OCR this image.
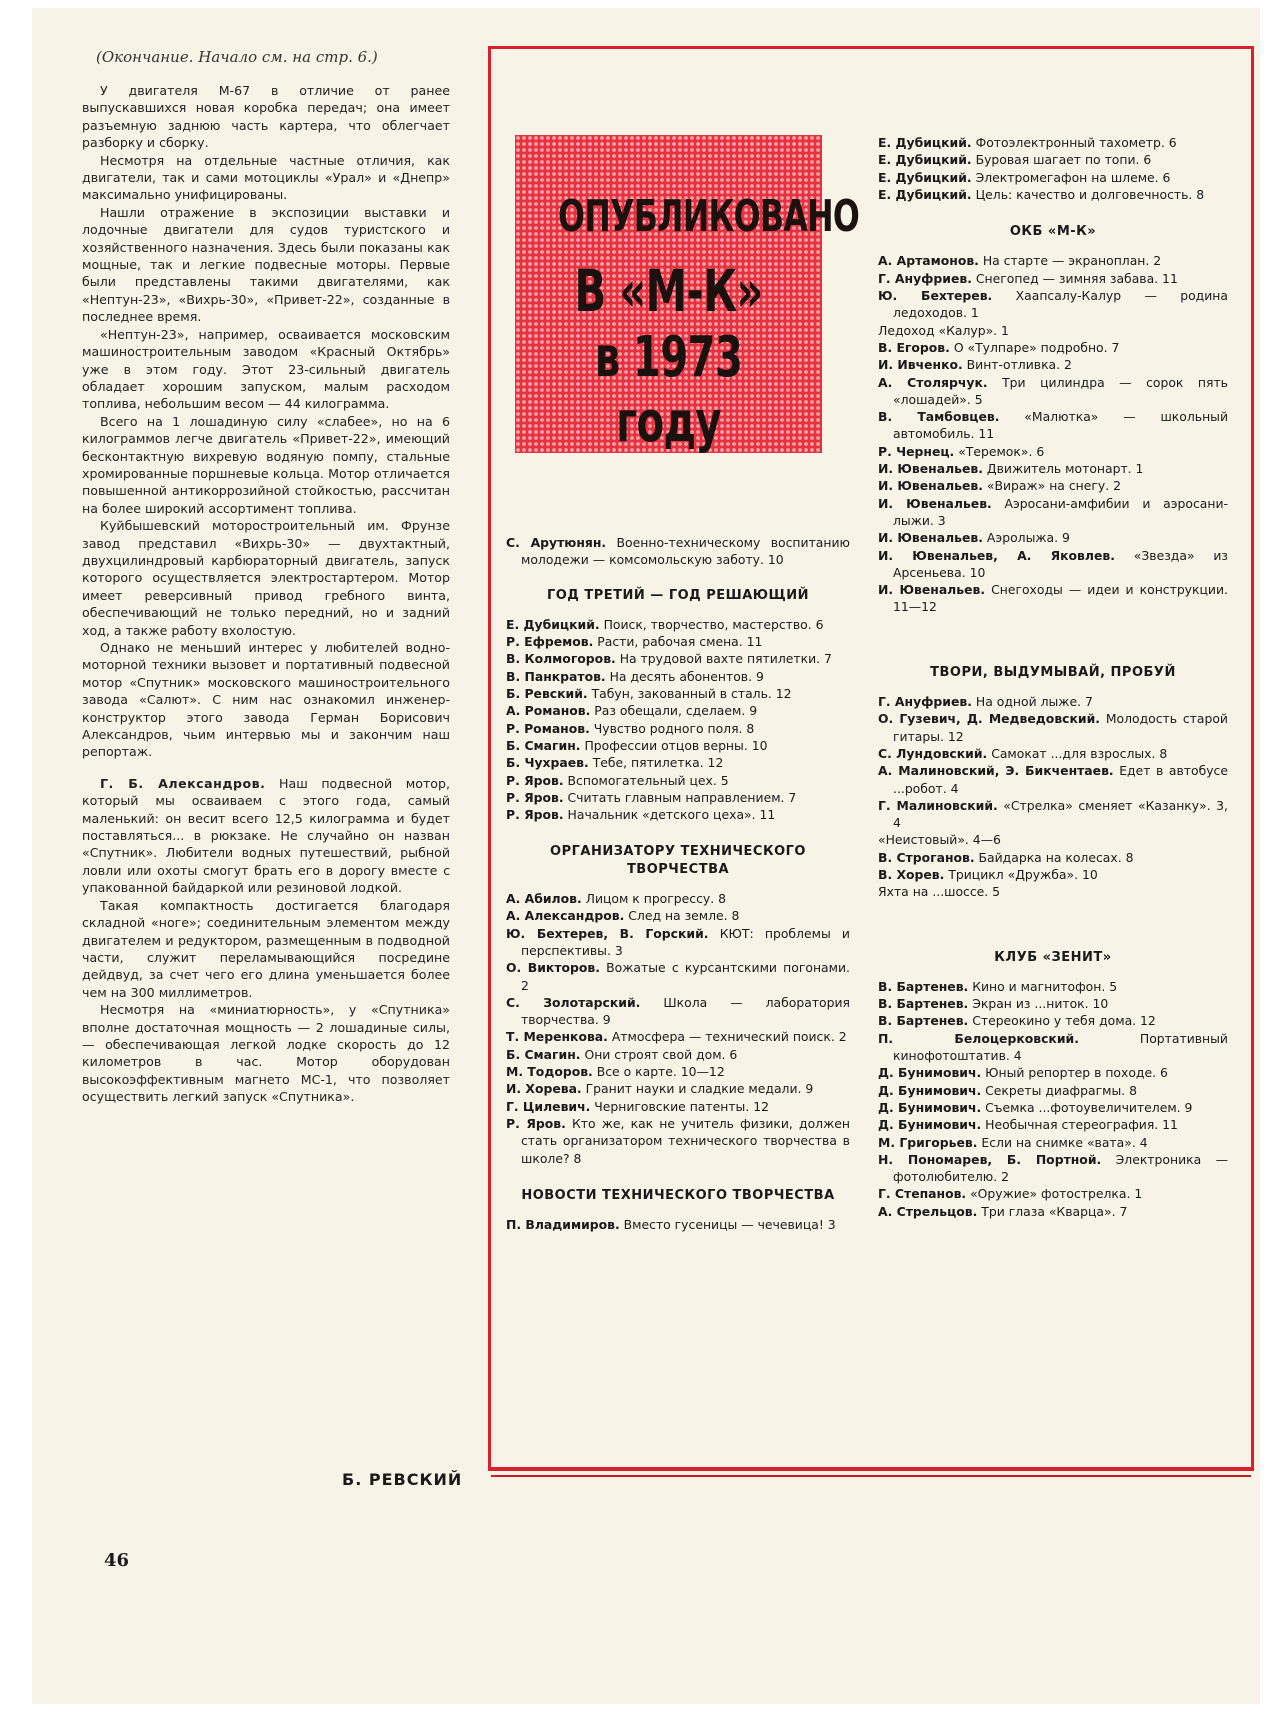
(Окончание. Начало см. на стр. 6.)

У двигателя М-67 в отличие от ранее выпускавшихся новая коробка передач; она имеет разъемную заднюю часть картера, что облегчает разборку и сборку.

Несмотря на отдельные частные отличия, как двигатели, так и сами мотоциклы «Урал» и «Днепр» максимально унифицированы.

Нашли отражение в экспозиции выставки и лодочные двигатели для судов туристского и хозяйственного назначения. Здесь были показаны как мощные, так и легкие подвесные моторы. Первые были представлены такими двигателями, как «Нептун-23», «Вихрь-30», «Привет-22», созданные в последнее время.

«Нептун-23», например, осваивается московским машиностроительным заводом «Красный Октябрь» уже в этом году. Этот 23-сильный двигатель обладает хорошим запуском, малым расходом топлива, небольшим весом — 44 килограмма.

Всего на 1 лошадиную силу «слабее», но на 6 килограммов легче двигатель «Привет-22», имеющий бесконтактную вихревую водяную помпу, стальные хромированные поршневые кольца. Мотор отличается повышенной антикоррозийной стойкостью, рассчитан на более широкий ассортимент топлива.

Куйбышевский моторостроительный им. Фрунзе завод представил «Вихрь-30» — двухтактный, двухцилиндровый карбюраторный двигатель, запуск которого осуществляется электростартером. Мотор имеет реверсивный привод гребного винта, обеспечивающий не только передний, но и задний ход, а также работу вхолостую.

Однако не меньший интерес у любителей водно-моторной техники вызовет и портативный подвесной мотор «Спутник» московского машиностроительного завода «Салют». С ним нас ознакомил инженер-конструктор этого завода Герман Борисович Александров, чьим интервью мы и закончим наш репортаж.

Г. Б. Александров. Наш подвесной мотор, который мы осваиваем с этого года, самый маленький: он весит всего 12,5 килограмма и будет поставляться... в рюкзаке. Не случайно он назван «Спутник». Любители водных путешествий, рыбной ловли или охоты смогут брать его в дорогу вместе с упакованной байдаркой или резиновой лодкой.

Такая компактность достигается благодаря складной «ноге»; соединительным элементом между двигателем и редуктором, размещенным в подводной части, служит переламывающийся посредине дейдвуд, за счет чего его длина уменьшается более чем на 300 миллиметров.

Несмотря на «миниатюрность», у «Спутника» вполне достаточная мощность — 2 лошадиные силы, — обеспечивающая легкой лодке скорость до 12 километров в час. Мотор оборудован высокоэффективным магнето МС-1, что позволяет осуществить легкий запуск «Спутника».

Б. РЕВСКИЙ
46
ОПУБЛИКОВАНО
В «М-К»
в 1973 году

С. Арутюнян. Военно-техническому воспитанию молодежи — комсомольскую заботу. 10

ГОД ТРЕТИЙ — ГОД РЕШАЮЩИЙ

Е. Дубицкий. Поиск, творчество, мастерство. 6

Р. Ефремов. Расти, рабочая смена. 11

В. Колмогоров. На трудовой вахте пятилетки. 7

В. Панкратов. На десять абонентов. 9

Б. Ревский. Табун, закованный в сталь. 12

А. Романов. Раз обещали, сделаем. 9

Р. Романов. Чувство родного поля. 8

Б. Смагин. Профессии отцов верны. 10

Б. Чухраев. Тебе, пятилетка. 12

Р. Яров. Вспомогательный цех. 5

Р. Яров. Считать главным направлением. 7

Р. Яров. Начальник «детского цеха». 11

ОРГАНИЗАТОРУ ТЕХНИЧЕСКОГО ТВОРЧЕСТВА

А. Абилов. Лицом к прогрессу. 8

А. Александров. След на земле. 8

Ю. Бехтерев, В. Горский. КЮТ: проблемы и перспективы. 3

О. Викторов. Вожатые с курсантскими погонами. 2

С. Золотарский. Школа — лаборатория творчества. 9

Т. Меренкова. Атмосфера — технический поиск. 2

Б. Смагин. Они строят свой дом. 6

М. Тодоров. Все о карте. 10—12

И. Хорева. Гранит науки и сладкие медали. 9

Г. Цилевич. Черниговские патенты. 12

Р. Яров. Кто же, как не учитель физики, должен стать организатором технического творчества в школе? 8

НОВОСТИ ТЕХНИЧЕСКОГО ТВОРЧЕСТВА

П. Владимиров. Вместо гусеницы — чечевица! 3

Е. Дубицкий. Фотоэлектронный тахометр. 6

Е. Дубицкий. Буровая шагает по топи. 6

Е. Дубицкий. Электромегафон на шлеме. 6

Е. Дубицкий. Цель: качество и долговечность. 8

ОКБ «М-К»

А. Артамонов. На старте — экраноплан. 2

Г. Ануфриев. Снегопед — зимняя забава. 11

Ю. Бехтерев. Хаапсалу-Калур — родина ледоходов. 1

Ледоход «Калур». 1

В. Егоров. О «Тулпаре» подробно. 7

И. Ивченко. Винт-отливка. 2

А. Столярчук. Три цилиндра — сорок пять «лошадей». 5

В. Тамбовцев. «Малютка» — школьный автомобиль. 11

Р. Чернец. «Теремок». 6

И. Ювенальев. Движитель мотонарт. 1

И. Ювенальев. «Вираж» на снегу. 2

И. Ювенальев. Аэросани-амфибии и аэросани-лыжи. 3

И. Ювенальев. Аэролыжа. 9

И. Ювенальев, А. Яковлев. «Звезда» из Арсеньева. 10

И. Ювенальев. Снегоходы — идеи и конструкции. 11—12

ТВОРИ, ВЫДУМЫВАЙ, ПРОБУЙ

Г. Ануфриев. На одной лыже. 7

О. Гузевич, Д. Медведовский. Молодость старой гитары. 12

С. Лундовский. Самокат ...для взрослых. 8

А. Малиновский, Э. Бикчентаев. Едет в автобусе ...робот. 4

Г. Малиновский. «Стрелка» сменяет «Казанку». 3, 4

«Неистовый». 4—6

В. Строганов. Байдарка на колесах. 8

В. Хорев. Трицикл «Дружба». 10

Яхта на ...шоссе. 5

КЛУБ «ЗЕНИТ»

В. Бартенев. Кино и магнитофон. 5

В. Бартенев. Экран из ...ниток. 10

В. Бартенев. Стереокино у тебя дома. 12

П. Белоцерковский.	Портативный кинофотоштатив. 4

Д. Бунимович. Юный репортер в походе. 6

Д. Бунимович. Секреты диафрагмы. 8

Д. Бунимович. Съемка ...фотоувеличителем. 9

Д. Бунимович. Необычная стереография. 11

М. Григорьев. Если на снимке «вата». 4

Н. Пономарев, Б. Портной. Электроника — фотолюбителю. 2

Г. Степанов. «Оружие» фотострелка. 1

А. Стрельцов. Три глаза «Кварца». 7
